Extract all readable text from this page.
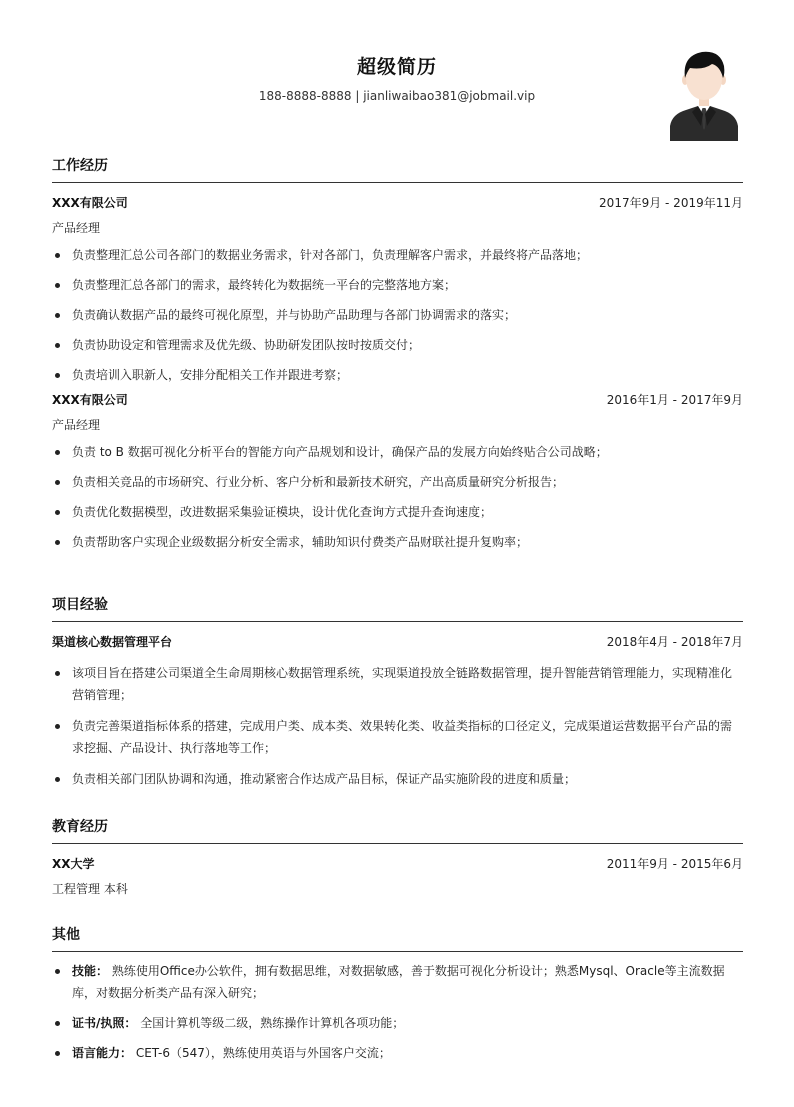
超级简历
188-8888-8888 | jianliwaibao381@jobmail.vip
工作经历
XXX有限公司	2017年9月 - 2019年11月
产品经理
负责整理汇总公司各部门的数据业务需求，针对各部门，负责理解客户需求，并最终将产品落地；
负责整理汇总各部门的需求，最终转化为数据统一平台的完整落地方案；
负责确认数据产品的最终可视化原型，并与协助产品助理与各部门协调需求的落实；
负责协助设定和管理需求及优先级、协助研发团队按时按质交付；
负责培训入职新人，安排分配相关工作并跟进考察；
XXX有限公司	2016年1月 - 2017年9月
产品经理
负责 to B 数据可视化分析平台的智能方向产品规划和设计，确保产品的发展方向始终贴合公司战略；
负责相关竞品的市场研究、行业分析、客户分析和最新技术研究，产出高质量研究分析报告；
负责优化数据模型，改进数据采集验证模块，设计优化查询方式提升查询速度；
负责帮助客户实现企业级数据分析安全需求，辅助知识付费类产品财联社提升复购率；
项目经验
渠道核心数据管理平台	2018年4月 - 2018年7月
该项目旨在搭建公司渠道全生命周期核心数据管理系统，实现渠道投放全链路数据管理，提升智能营销管理能力，实现精准化营销管理；
负责完善渠道指标体系的搭建，完成用户类、成本类、效果转化类、收益类指标的口径定义，完成渠道运营数据平台产品的需求挖掘、产品设计、执行落地等工作；
负责相关部门团队协调和沟通，推动紧密合作达成产品目标，保证产品实施阶段的进度和质量；
教育经历
XX大学	2011年9月 - 2015年6月
工程管理 本科
其他
技能： 熟练使用Office办公软件，拥有数据思维，对数据敏感，善于数据可视化分析设计；熟悉Mysql、Oracle等主流数据库，对数据分析类产品有深入研究；
证书/执照： 全国计算机等级二级，熟练操作计算机各项功能；
语言能力： CET-6（547），熟练使用英语与外国客户交流；
